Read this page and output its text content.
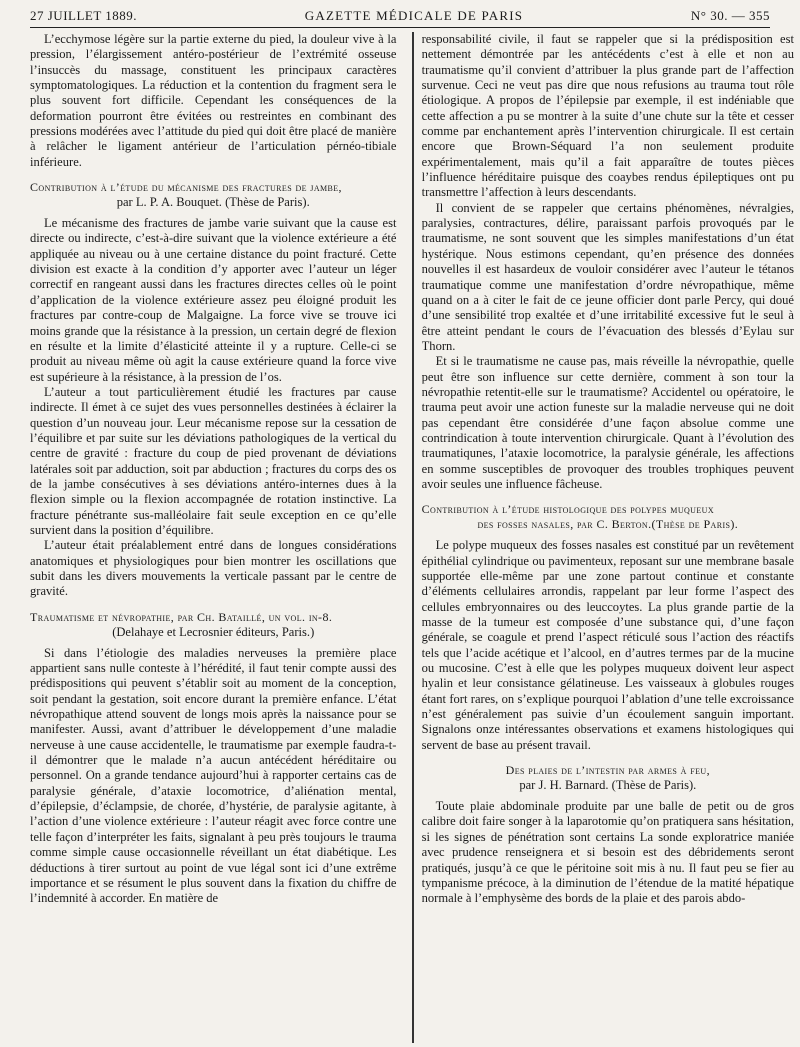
27 JUILLET 1889.	GAZETTE MÉDICALE DE PARIS	N° 30. — 355

L’ecchymose légère sur la partie externe du pied, la douleur vive à la pression, l’élargissement antéro-postérieur de l’extrémité osseuse l’insuccès du massage, constituent les principaux caractères symptomatologiques. La réduction et la contention du fragment sera le plus souvent fort difficile. Cependant les conséquences de la deformation pourront être évitées ou restreintes en combinant des pressions modérées avec l’attitude du pied qui doit être placé de manière à relâcher le ligament antérieur de l’articulation pérnéo-tibiale inférieure.

Contribution à l’étude du mécanisme des fractures de jambe,
par L. P. A. Bouquet. (Thèse de Paris).

Le mécanisme des fractures de jambe varie suivant que la cause est directe ou indirecte, c’est-à-dire suivant que la violence extérieure a été appliquée au niveau ou à une certaine distance du point fracturé. Cette division est exacte à la condition d’y apporter avec l’auteur un léger correctif en rangeant aussi dans les fractures directes celles où le point d’application de la violence extérieure assez peu éloigné produit les fractures par contre-coup de Malgaigne. La force vive se trouve ici moins grande que la résistance à la pression, un certain degré de flexion en résulte et la limite d’élasticité atteinte il y a rupture. Celle-ci se produit au niveau même où agit la cause extérieure quand la force vive est supérieure à la résistance, à la pression de l’os.

L’auteur a tout particulièrement étudié les fractures par cause indirecte. Il émet à ce sujet des vues personnelles destinées à éclairer la question d’un nouveau jour. Leur mécanisme repose sur la cessation de l’équilibre et par suite sur les déviations pathologiques de la vertical du centre de gravité : fracture du coup de pied provenant de déviations latérales soit par adduction, soit par abduction ; fractures du corps des os de la jambe consécutives à ses déviations antéro-internes dues à la flexion simple ou la flexion accompagnée de rotation instinctive. La fracture pénétrante sus-malléolaire fait seule exception en ce qu’elle survient dans la position d’équilibre.

L’auteur était préalablement entré dans de longues considérations anatomiques et physiologiques pour bien montrer les oscillations que subit dans les divers mouvements la verticale passant par le centre de gravité.

Traumatisme et névropathie, par Ch. Bataillé, un vol. in-8.
(Delahaye et Lecrosnier éditeurs, Paris.)

Si dans l’étiologie des maladies nerveuses la première place appartient sans nulle conteste à l’hérédité, il faut tenir compte aussi des prédispositions qui peuvent s’établir soit au moment de la conception, soit pendant la gestation, soit encore durant la première enfance. L’état névropathique attend souvent de longs mois après la naissance pour se manifester. Aussi, avant d’attribuer le développement d’une maladie nerveuse à une cause accidentelle, le traumatisme par exemple faudra-t-il démontrer que le malade n’a aucun antécédent héréditaire ou personnel. On a grande tendance aujourd’hui à rapporter certains cas de paralysie générale, d’ataxie locomotrice, d’aliénation mental, d’épilepsie, d’éclampsie, de chorée, d’hystérie, de paralysie agitante, à l’action d’une violence extérieure : l’auteur réagit avec force contre une telle façon d’interpréter les faits, signalant à peu près toujours le trauma comme simple cause occasionnelle réveillant un état diabétique. Les déductions à tirer surtout au point de vue légal sont ici d’une extrême importance et se résument le plus souvent dans la fixation du chiffre de l’indemnité à accorder. En matière de

responsabilité civile, il faut se rappeler que si la prédisposition est nettement démontrée par les antécédents c’est à elle et non au traumatisme qu’il convient d’attribuer la plus grande part de l’affection survenue. Ceci ne veut pas dire que nous refusions au trauma tout rôle étiologique. A propos de l’épilepsie par exemple, il est indéniable que cette affection a pu se montrer à la suite d’une chute sur la tête et cesser comme par enchantement après l’intervention chirurgicale. Il est certain encore que Brown-Séquard l’a non seulement produite expérimentalement, mais qu’il a fait apparaître de toutes pièces l’influence héréditaire puisque des coaybes rendus épileptiques ont pu transmettre l’affection à leurs descendants.

Il convient de se rappeler que certains phénomènes, névralgies, paralysies, contractures, délire, paraissant parfois provoqués par le traumatisme, ne sont souvent que les simples manifestations d’un état hystérique. Nous estimons cependant, qu’en présence des données nouvelles il est hasardeux de vouloir considérer avec l’auteur le tétanos traumatique comme une manifestation d’ordre névropathique, même quand on a à citer le fait de ce jeune officier dont parle Percy, qui doué d’une sensibilité trop exaltée et d’une irritabilité excessive fut le seul à être atteint pendant le cours de l’évacuation des blessés d’Eylau sur Thorn.

Et si le traumatisme ne cause pas, mais réveille la névropathie, quelle peut être son influence sur cette dernière, comment à son tour la névropathie retentit-elle sur le traumatisme? Accidentel ou opératoire, le trauma peut avoir une action funeste sur la maladie nerveuse qui ne doit pas cependant être considérée d’une façon absolue comme une contrindication à toute intervention chirurgicale. Quant à l’évolution des traumatiqunes, l’ataxie locomotrice, la paralysie générale, les affections en somme susceptibles de provoquer des troubles trophiques peuvent avoir seules une influence fâcheuse.

Contribution à l’étude histologique des polypes muqueux
des fosses nasales, par C. Berton.(Thèse de Paris).

Le polype muqueux des fosses nasales est constitué par un revêtement épithélial cylindrique ou pavimenteux, reposant sur une membrane basale supportée elle-même par une zone partout continue et constante d’éléments cellulaires arrondis, rappelant par leur forme l’aspect des cellules embryonnaires ou des leuccoytes. La plus grande partie de la masse de la tumeur est composée d’une substance qui, d’une façon générale, se coagule et prend l’aspect réticulé sous l’action des réactifs tels que l’acide acétique et l’alcool, en d’autres termes par de la mucine ou mucosine. C’est à elle que les polypes muqueux doivent leur aspect hyalin et leur consistance gélatineuse. Les vaisseaux à globules rouges étant fort rares, on s’explique pourquoi l’ablation d’une telle excroissance n’est généralement pas suivie d’un écoulement sanguin important. Signalons onze intéressantes observations et examens histologiques qui servent de base au présent travail.

Des plaies de l’intestin par armes à feu,
par J. H. Barnard. (Thèse de Paris).

Toute plaie abdominale produite par une balle de petit ou de gros calibre doit faire songer à la laparotomie qu’on pratiquera sans hésitation, si les signes de pénétration sont certains La sonde exploratrice maniée avec prudence renseignera et si besoin est des débridements seront pratiqués, jusqu’à ce que le péritoine soit mis à nu. Il faut peu se fier au tympanisme précoce, à la diminution de l’étendue de la matité hépatique normale à l’emphysème des bords de la plaie et des parois abdo-
